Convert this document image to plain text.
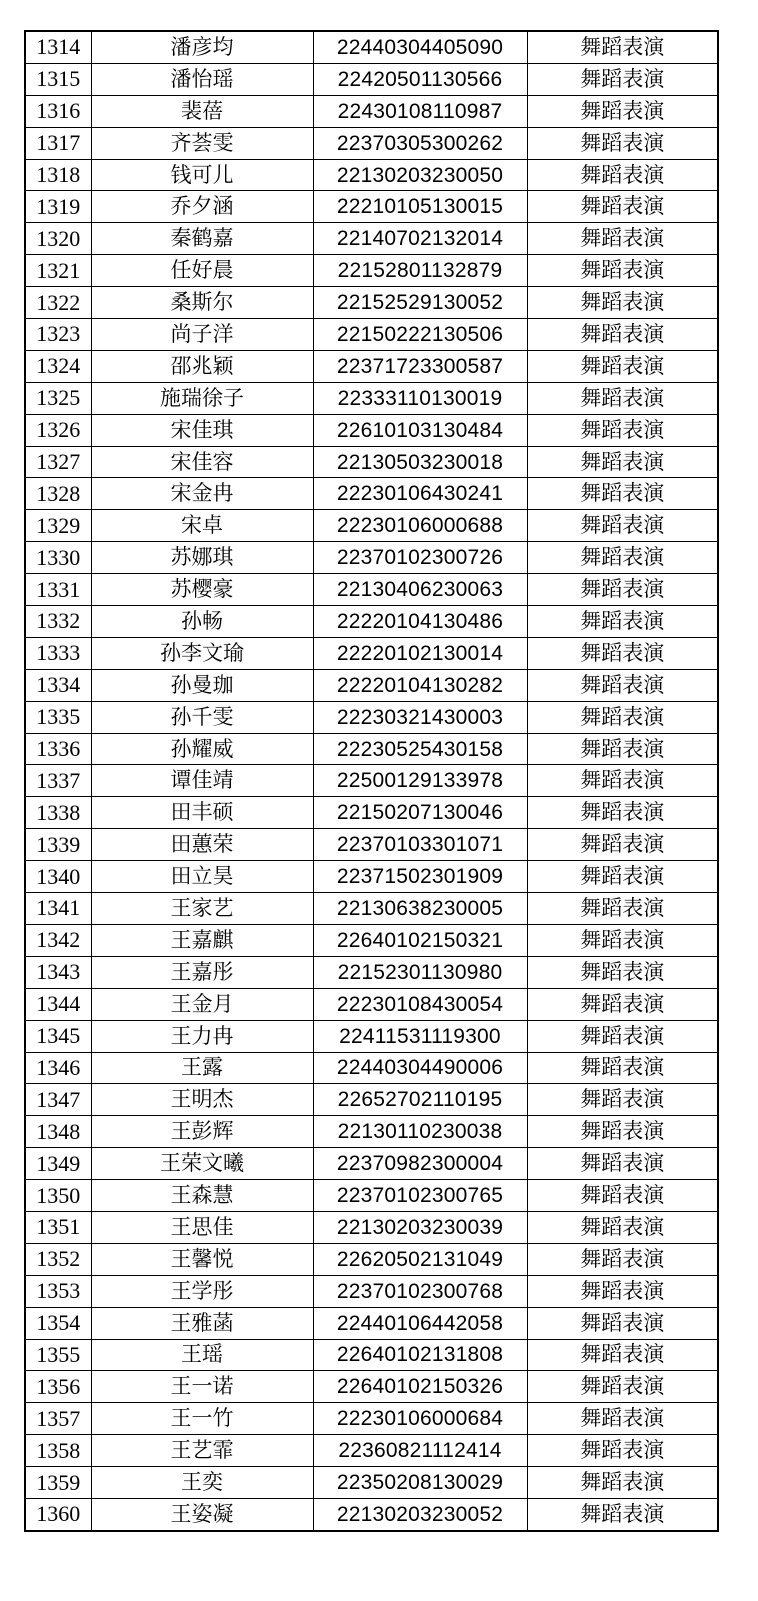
1314	潘彦均	22440304405090	舞蹈表演
1315	潘怡瑶	22420501130566	舞蹈表演
1316	裴蓓	22430108110987	舞蹈表演
1317	齐荟雯	22370305300262	舞蹈表演
1318	钱可儿	22130203230050	舞蹈表演
1319	乔夕涵	22210105130015	舞蹈表演
1320	秦鹤嘉	22140702132014	舞蹈表演
1321	任好晨	22152801132879	舞蹈表演
1322	桑斯尔	22152529130052	舞蹈表演
1323	尚子洋	22150222130506	舞蹈表演
1324	邵兆颖	22371723300587	舞蹈表演
1325	施瑞徐子	22333110130019	舞蹈表演
1326	宋佳琪	22610103130484	舞蹈表演
1327	宋佳容	22130503230018	舞蹈表演
1328	宋金冉	22230106430241	舞蹈表演
1329	宋卓	22230106000688	舞蹈表演
1330	苏娜琪	22370102300726	舞蹈表演
1331	苏樱豪	22130406230063	舞蹈表演
1332	孙畅	22220104130486	舞蹈表演
1333	孙李文瑜	22220102130014	舞蹈表演
1334	孙曼珈	22220104130282	舞蹈表演
1335	孙千雯	22230321430003	舞蹈表演
1336	孙耀威	22230525430158	舞蹈表演
1337	谭佳靖	22500129133978	舞蹈表演
1338	田丰硕	22150207130046	舞蹈表演
1339	田蕙荣	22370103301071	舞蹈表演
1340	田立昊	22371502301909	舞蹈表演
1341	王家艺	22130638230005	舞蹈表演
1342	王嘉麒	22640102150321	舞蹈表演
1343	王嘉彤	22152301130980	舞蹈表演
1344	王金月	22230108430054	舞蹈表演
1345	王力冉	22411531119300	舞蹈表演
1346	王露	22440304490006	舞蹈表演
1347	王明杰	22652702110195	舞蹈表演
1348	王彭辉	22130110230038	舞蹈表演
1349	王荣文曦	22370982300004	舞蹈表演
1350	王森慧	22370102300765	舞蹈表演
1351	王思佳	22130203230039	舞蹈表演
1352	王馨悦	22620502131049	舞蹈表演
1353	王学彤	22370102300768	舞蹈表演
1354	王雅菡	22440106442058	舞蹈表演
1355	王瑶	22640102131808	舞蹈表演
1356	王一诺	22640102150326	舞蹈表演
1357	王一竹	22230106000684	舞蹈表演
1358	王艺霏	22360821112414	舞蹈表演
1359	王奕	22350208130029	舞蹈表演
1360	王姿凝	22130203230052	舞蹈表演
